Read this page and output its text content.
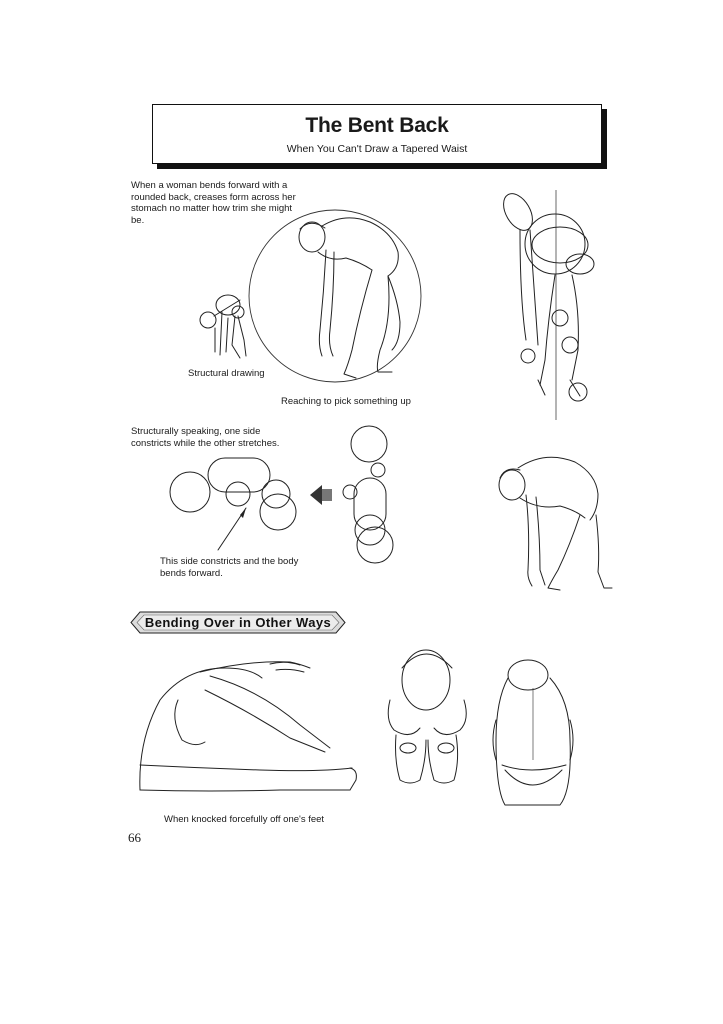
The Bent Back
When You Can't Draw a Tapered Waist
When a woman bends forward with a rounded back, creases form across her stomach no matter how trim she might be.
Structural drawing
Reaching to pick something up
Structurally speaking, one side constricts while the other stretches.
This side constricts and the body bends forward.
Bending Over in Other Ways
When knocked forcefully off one's feet
66
